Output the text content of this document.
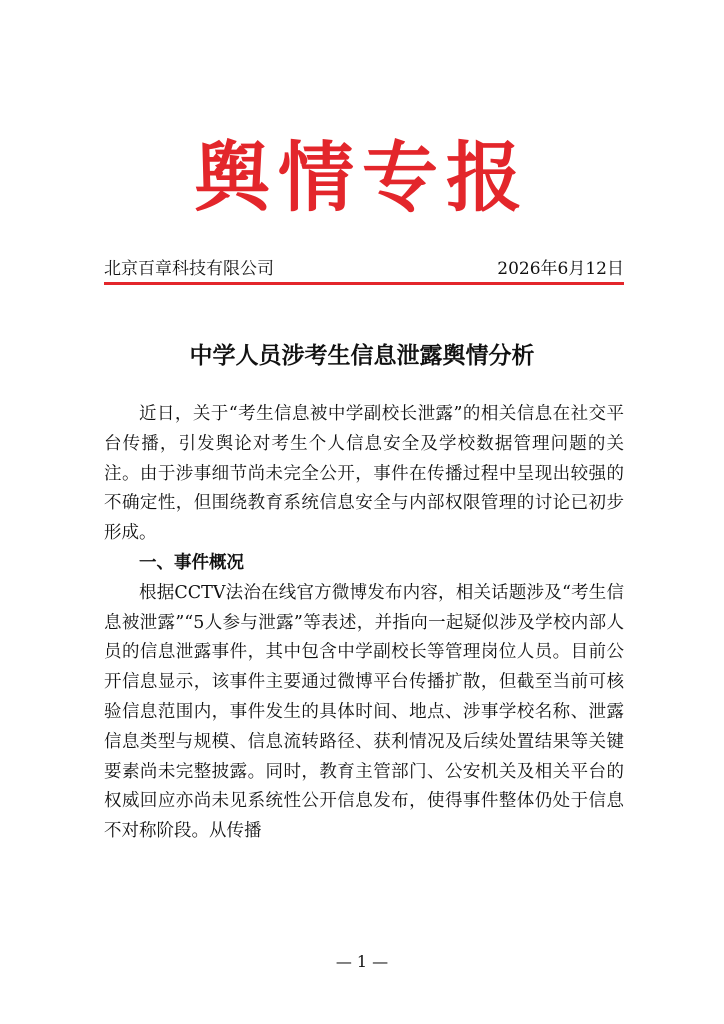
舆情专报
北京百章科技有限公司	2026年6月12日
中学人员涉考生信息泄露舆情分析

近日，关于“考生信息被中学副校长泄露”的相关信息在社交平台传播，引发舆论对考生个人信息安全及学校数据管理问题的关注。由于涉事细节尚未完全公开，事件在传播过程中呈现出较强的不确定性，但围绕教育系统信息安全与内部权限管理的讨论已初步形成。

一、事件概况

根据CCTV法治在线官方微博发布内容，相关话题涉及“考生信息被泄露”“5人参与泄露”等表述，并指向一起疑似涉及学校内部人员的信息泄露事件，其中包含中学副校长等管理岗位人员。目前公开信息显示，该事件主要通过微博平台传播扩散，但截至当前可核验信息范围内，事件发生的具体时间、地点、涉事学校名称、泄露信息类型与规模、信息流转路径、获利情况及后续处置结果等关键要素尚未完整披露。同时，教育主管部门、公安机关及相关平台的权威回应亦尚未见系统性公开信息发布，使得事件整体仍处于信息不对称阶段。从传播

— 1 —
